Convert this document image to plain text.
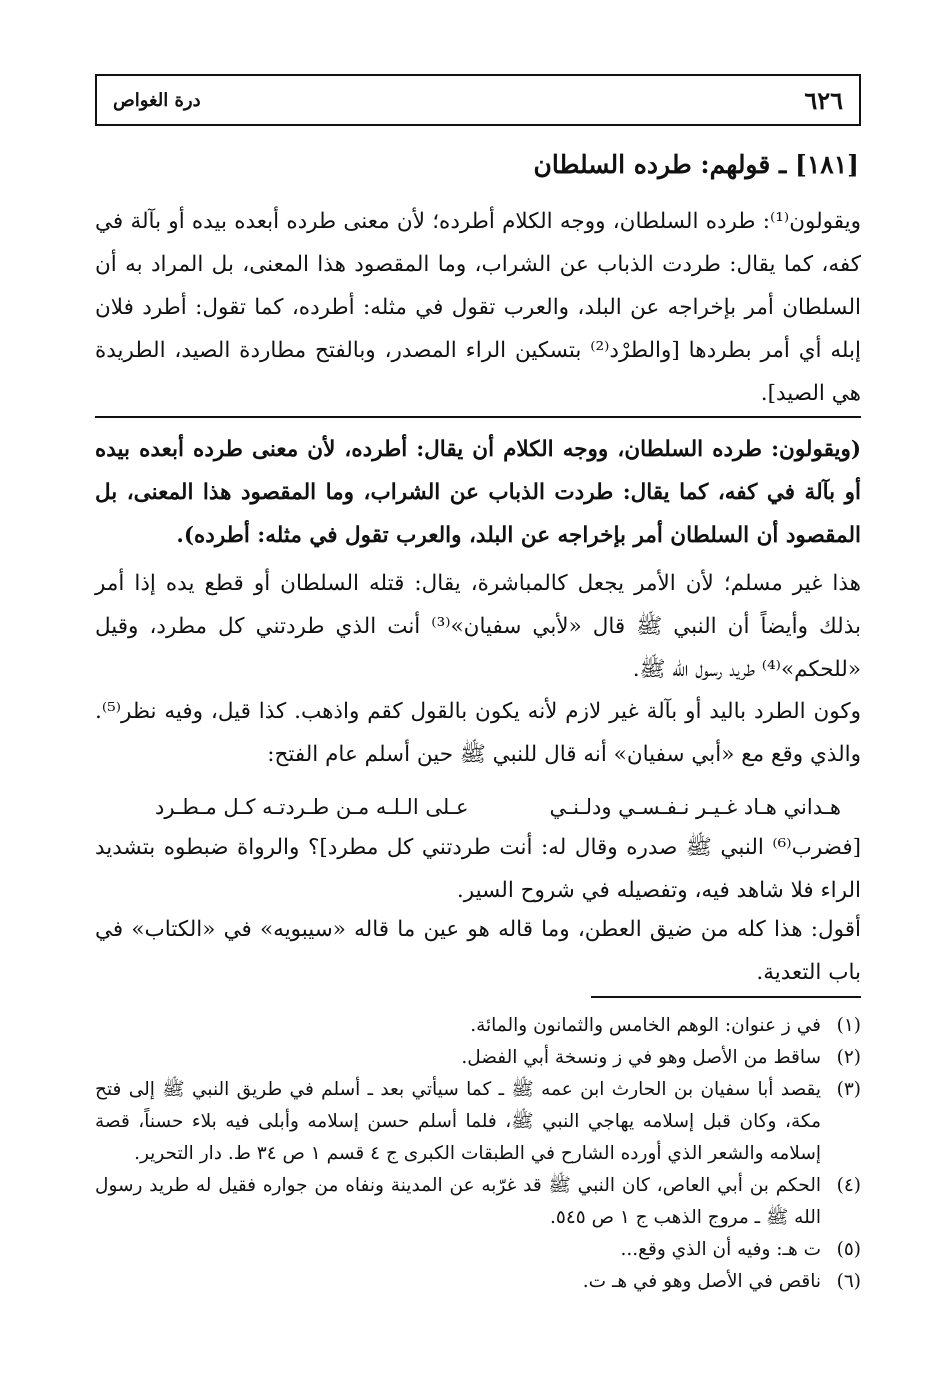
٦٢٦
درة الغواص
[١٨١] ـ قولهم: طرده السلطان

ويقولون⁽¹⁾: طرده السلطان، ووجه الكلام أطرده؛ لأن معنى طرده أبعده بيده أو بآلة في كفه، كما يقال: طردت الذباب عن الشراب، وما المقصود هذا المعنى، بل المراد به أن السلطان أمر بإخراجه عن البلد، والعرب تقول في مثله: أطرده، كما تقول: أطرد فلان إبله أي أمر بطردها [والطرْد⁽²⁾ بتسكين الراء المصدر، وبالفتح مطاردة الصيد، الطريدة هي الصيد].

(ويقولون: طرده السلطان، ووجه الكلام أن يقال: أطرده، لأن معنى طرده أبعده بيده أو بآلة في كفه، كما يقال: طردت الذباب عن الشراب، وما المقصود هذا المعنى، بل المقصود أن السلطان أمر بإخراجه عن البلد، والعرب تقول في مثله: أطرده).

هذا غير مسلم؛ لأن الأمر يجعل كالمباشرة، يقال: قتله السلطان أو قطع يده إذا أمر بذلك وأيضاً أن النبي ﷺ قال «لأبي سفيان»⁽³⁾ أنت الذي طردتني كل مطرد، وقيل «للحكم»⁽⁴⁾ طريد رسول الله ﷺ.

وكون الطرد باليد أو بآلة غير لازم لأنه يكون بالقول كقم واذهب. كذا قيل، وفيه نظر⁽⁵⁾. والذي وقع مع «أبي سفيان» أنه قال للنبي ﷺ حين أسلم عام الفتح:

هـداني هـاد غـيـر نـفـسـي ودلـنـي
عـلى الـلـه مـن طـردتـه كـل مـطـرد

[فضرب⁽⁶⁾ النبي ﷺ صدره وقال له: أنت طردتني كل مطرد]؟ والرواة ضبطوه بتشديد الراء فلا شاهد فيه، وتفصيله في شروح السير.

أقول: هذا كله من ضيق العطن، وما قاله هو عين ما قاله «سيبويه» في «الكتاب» في باب التعدية.

(١)
في ز عنوان: الوهم الخامس والثمانون والمائة.
(٢)
ساقط من الأصل وهو في ز ونسخة أبي الفضل.
(٣)
يقصد أبا سفيان بن الحارث ابن عمه ﷺ ـ كما سيأتي بعد ـ أسلم في طريق النبي ﷺ إلى فتح مكة، وكان قبل إسلامه يهاجي النبي ﷺ، فلما أسلم حسن إسلامه وأبلى فيه بلاء حسناً، قصة إسلامه والشعر الذي أورده الشارح في الطبقات الكبرى ج ٤ قسم ١ ص ٣٤ ط. دار التحرير.
(٤)
الحكم بن أبي العاص، كان النبي ﷺ قد غرّبه عن المدينة ونفاه من جواره فقيل له طريد رسول الله ﷺ ـ مروج الذهب ج ١ ص ٥٤٥.
(٥)
ت هـ: وفيه أن الذي وقع...
(٦)
ناقص في الأصل وهو في هـ ت.
